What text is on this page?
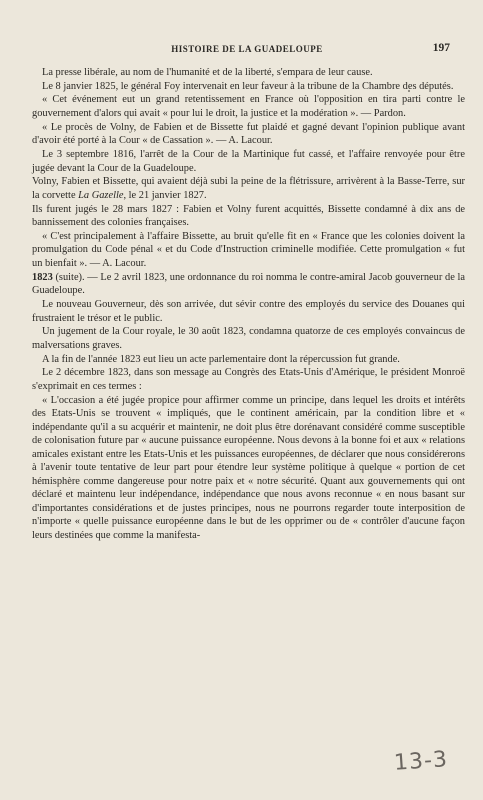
HISTOIRE DE LA GUADELOUPE	197

La presse libérale, au nom de l'humanité et de la liberté, s'empara de leur cause.

Le 8 janvier 1825, le général Foy intervenait en leur faveur à la tribune de la Chambre des députés.

« Cet événement eut un grand retentissement en France où l'opposition en tira parti contre le gouvernement d'alors qui avait « pour lui le droit, la justice et la modération ». — Pardon.

« Le procès de Volny, de Fabien et de Bissette fut plaidé et gagné devant l'opinion publique avant d'avoir été porté à la Cour « de Cassation ». — A. Lacour.

Le 3 septembre 1816, l'arrêt de la Cour de la Martinique fut cassé, et l'affaire renvoyée pour être jugée devant la Cour de la Guadeloupe.

Volny, Fabien et Bissette, qui avaient déjà subi la peine de la flétrissure, arrivèrent à la Basse-Terre, sur la corvette La Gazelle, le 21 janvier 1827.

Ils furent jugés le 28 mars 1827 : Fabien et Volny furent acquittés, Bissette condamné à dix ans de bannissement des colonies françaises.

« C'est principalement à l'affaire Bissette, au bruit qu'elle fit en « France que les colonies doivent la promulgation du Code pénal « et du Code d'Instruction criminelle modifiée. Cette promulgation « fut un bienfait ». — A. Lacour.

1823 (suite). — Le 2 avril 1823, une ordonnance du roi nomma le contre-amiral Jacob gouverneur de la Guadeloupe.

Le nouveau Gouverneur, dès son arrivée, dut sévir contre des employés du service des Douanes qui frustraient le trésor et le public.

Un jugement de la Cour royale, le 30 août 1823, condamna quatorze de ces employés convaincus de malversations graves.

A la fin de l'année 1823 eut lieu un acte parlementaire dont la répercussion fut grande.

Le 2 décembre 1823, dans son message au Congrès des Etats-Unis d'Amérique, le président Monroë s'exprimait en ces termes :

« L'occasion a été jugée propice pour affirmer comme un principe, dans lequel les droits et intérêts des Etats-Unis se trouvent « impliqués, que le continent américain, par la condition libre et « indépendante qu'il a su acquérir et maintenir, ne doit plus être dorénavant considéré comme susceptible de colonisation future par « aucune puissance européenne. Nous devons à la bonne foi et aux « relations amicales existant entre les Etats-Unis et les puissances européennes, de déclarer que nous considérerons à l'avenir toute tentative de leur part pour étendre leur système politique à quelque « portion de cet hémisphère comme dangereuse pour notre paix et « notre sécurité. Quant aux gouvernements qui ont déclaré et maintenu leur indépendance, indépendance que nous avons reconnue « en nous basant sur d'importantes considérations et de justes principes, nous ne pourrons regarder toute interposition de n'importe « quelle puissance européenne dans le but de les opprimer ou de « contrôler d'aucune façon leurs destinées que comme la manifesta-

13-3
